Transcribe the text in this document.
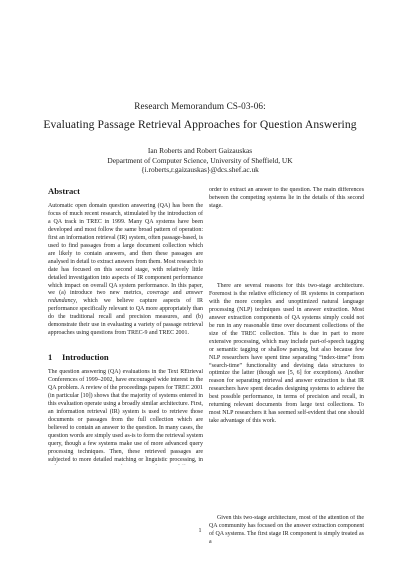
Research Memorandum CS-03-06:
Evaluating Passage Retrieval Approaches for Question Answering
Ian Roberts and Robert Gaizauskas
Department of Computer Science, University of Sheffield, UK
{i.roberts,r.gaizauskas}@dcs.shef.ac.uk
Abstract

Automatic open domain question answering (QA) has been the focus of much recent research, stimulated by the introduction of a QA track in TREC in 1999. Many QA systems have been developed and most follow the same broad pattern of operation: first an information retrieval (IR) system, often passage-based, is used to find passages from a large document collection which are likely to contain answers, and then these passages are analysed in detail to extract answers from them. Most research to date has focused on this second stage, with relatively little detailed investigation into aspects of IR component performance which impact on overall QA system performance. In this paper, we (a) introduce two new metrics, coverage and answer redundancy, which we believe capture aspects of IR performance specifically relevant to QA more appropriately than do the traditional recall and precision measures, and (b) demonstrate their use in evaluating a variety of passage retrieval approaches using questions from TREC-9 and TREC 2001.

1 Introduction

The question answering (QA) evaluations in the Text REtrieval Conferences of 1999–2002, have encouraged wide interest in the QA problem. A review of the proceedings papers for TREC 2001 (in particular [10]) shows that the majority of systems entered in this evaluation operate using a broadly similar architecture. First, an information retrieval (IR) system is used to retrieve those documents or passages from the full collection which are believed to contain an answer to the question. In many cases, the question words are simply used as-is to form the retrieval system query, though a few systems make use of more advanced query processing techniques. Then, these retrieved passages are subjected to more detailed matching or linguistic processing, in

order to extract an answer to the question. The main differences between the competing systems lie in the details of this second stage.

There are several reasons for this two-stage architecture. Foremost is the relative efficiency of IR systems in comparison with the more complex and unoptimized natural language processing (NLP) techniques used in answer extraction. Most answer extraction components of QA systems simply could not be run in any reasonable time over document collections of the size of the TREC collection. This is due in part to more extensive processing, which may include part-of-speech tagging or semantic tagging or shallow parsing, but also because few NLP researchers have spent time separating “index-time” from “search-time” functionality and devising data structures to optimize the latter (though see [5, 6] for exceptions). Another reason for separating retrieval and answer extraction is that IR researchers have spent decades designing systems to achieve the best possible performance, in terms of precision and recall, in returning relevant documents from large text collections. To most NLP researchers it has seemed self-evident that one should take advantage of this work.

Given this two-stage architecture, most of the attention of the QA community has focused on the answer extraction component of QA systems. The first stage IR component is simply treated as a

1
